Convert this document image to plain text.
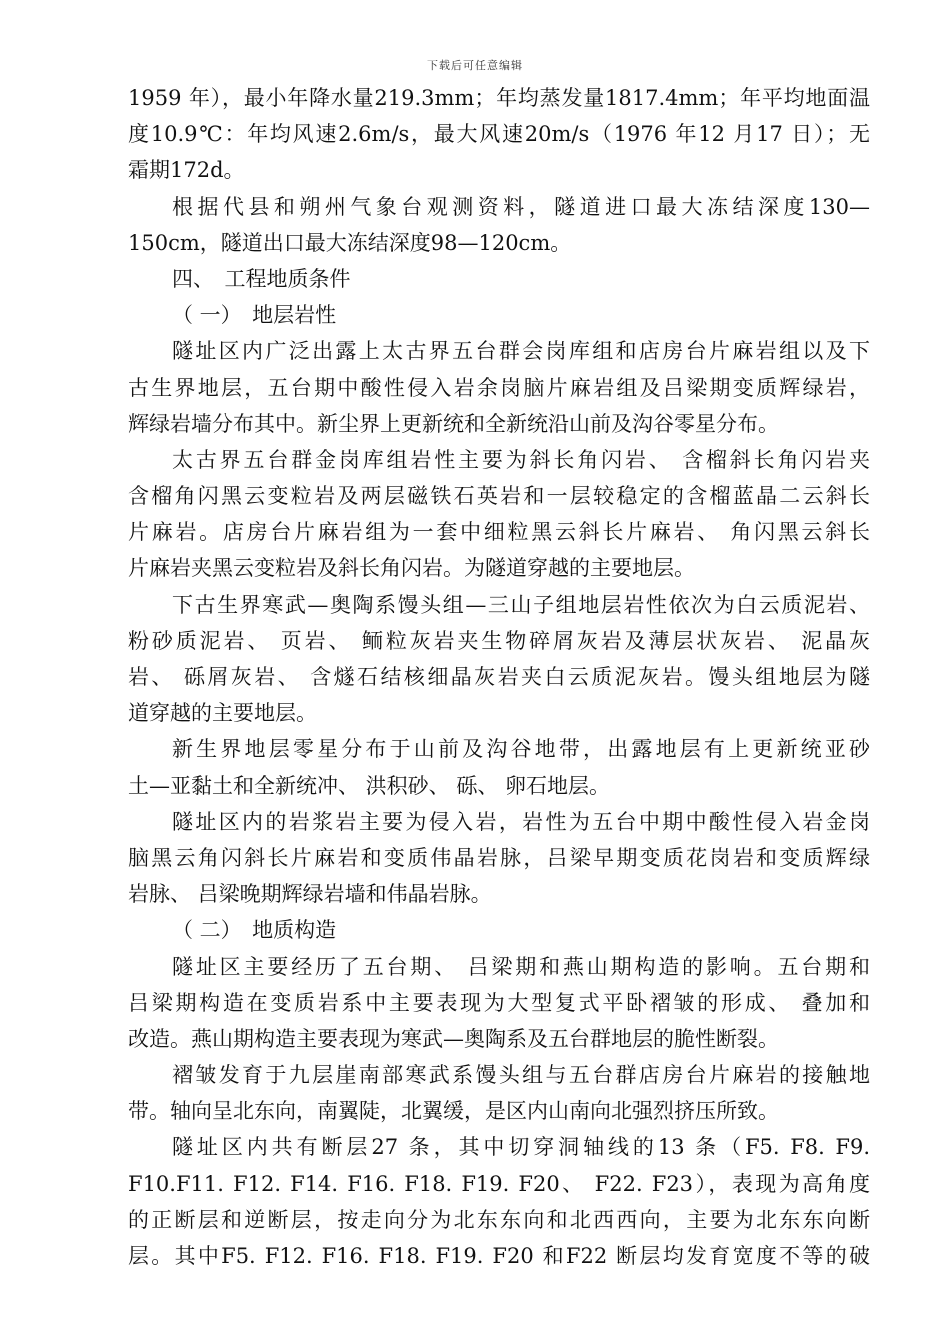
下载后可任意编辑
1959 年），最小年降水量219.3mm；年均蒸发量1817.4mm；年平均地面温
度10.9℃：年均风速2.6m/s，最大风速20m/s（1976 年12 月17 日）；无
霜期172d。
根据代县和朔州气象台观测资料，隧道进口最大冻结深度130—
150cm，隧道出口最大冻结深度98—120cm。
四、　工程地质条件
（ 一）　地层岩性
隧址区内广泛出露上太古界五台群会岗库组和店房台片麻岩组以及下
古生界地层，五台期中酸性侵入岩余岗脑片麻岩组及吕梁期变质辉绿岩，
辉绿岩墙分布其中。新尘界上更新统和全新统沿山前及沟谷零星分布。
太古界五台群金岗库组岩性主要为斜长角闪岩、 含榴斜长角闪岩夹
含榴角闪黑云变粒岩及两层磁铁石英岩和一层较稳定的含榴蓝晶二云斜长
片麻岩。店房台片麻岩组为一套中细粒黑云斜长片麻岩、 角闪黑云斜长
片麻岩夹黑云变粒岩及斜长角闪岩。为隧道穿越的主要地层。
下古生界寒武—奥陶系馒头组—三山子组地层岩性依次为白云质泥岩、
粉砂质泥岩、 页岩、 鲕粒灰岩夹生物碎屑灰岩及薄层状灰岩、 泥晶灰
岩、 砾屑灰岩、 含燧石结核细晶灰岩夹白云质泥灰岩。馒头组地层为隧
道穿越的主要地层。
新生界地层零星分布于山前及沟谷地带，出露地层有上更新统亚砂
土—亚黏土和全新统冲、 洪积砂、 砾、 卵石地层。
隧址区内的岩浆岩主要为侵入岩，岩性为五台中期中酸性侵入岩金岗
脑黑云角闪斜长片麻岩和变质伟晶岩脉，吕梁早期变质花岗岩和变质辉绿
岩脉、 吕梁晚期辉绿岩墙和伟晶岩脉。
（ 二）　地质构造
隧址区主要经历了五台期、 吕梁期和燕山期构造的影响。五台期和
吕梁期构造在变质岩系中主要表现为大型复式平卧褶皱的形成、 叠加和
改造。燕山期构造主要表现为寒武—奥陶系及五台群地层的脆性断裂。
褶皱发育于九层崖南部寒武系馒头组与五台群店房台片麻岩的接触地
带。轴向呈北东向，南翼陡，北翼缓，是区内山南向北强烈挤压所致。
隧址区内共有断层27 条，其中切穿洞轴线的13 条（F5. F8. F9.
F10.F11. F12. F14. F16. F18. F19. F20、 F22. F23），表现为高角度
的正断层和逆断层，按走向分为北东东向和北西西向，主要为北东东向断
层。其中F5. F12. F16. F18. F19. F20 和F22 断层均发育宽度不等的破
